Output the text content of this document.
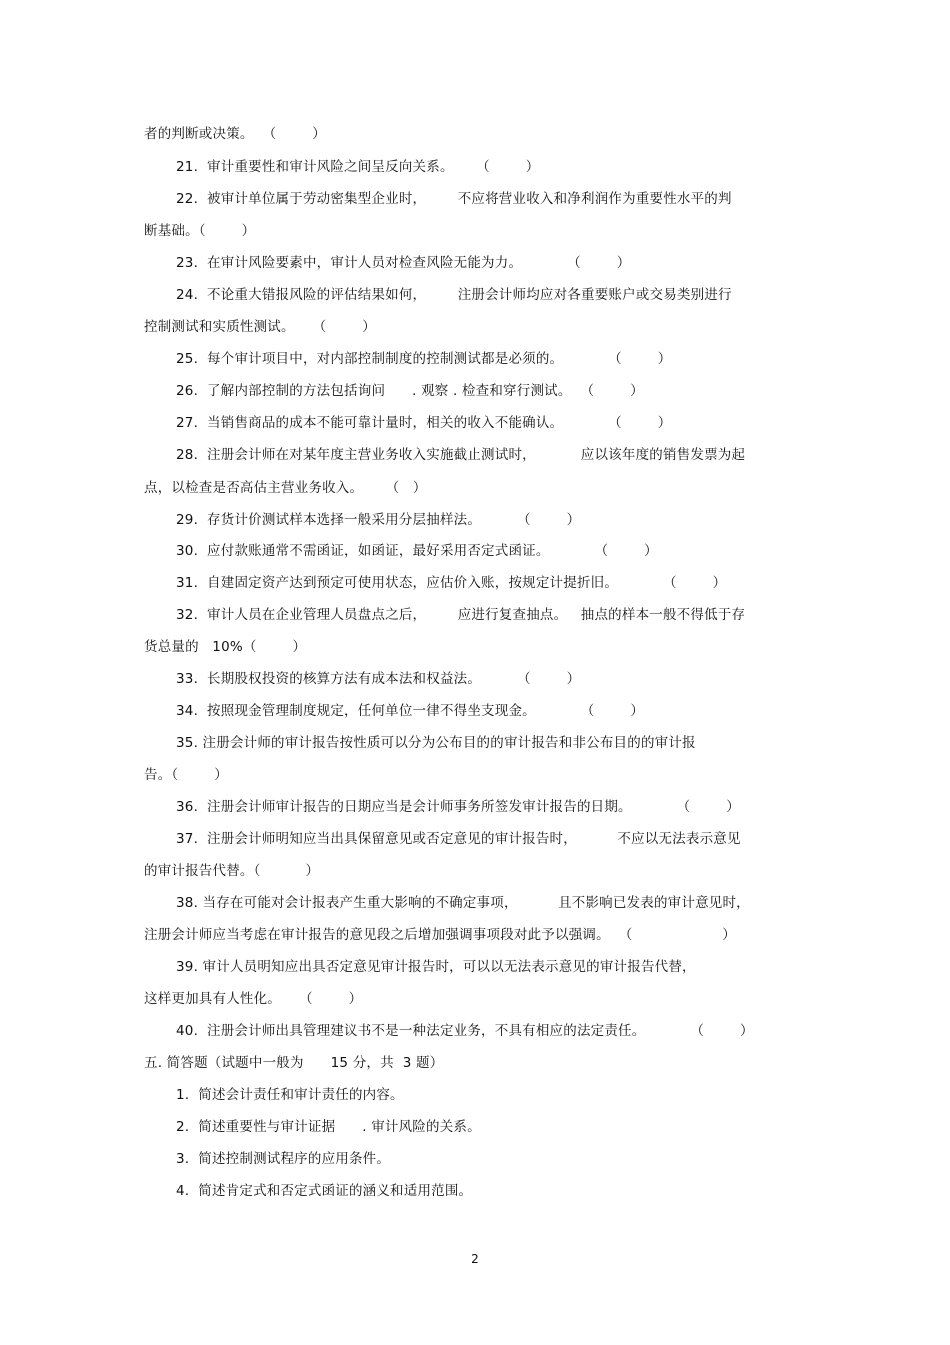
者的判断或决策。  （        ）
21.  审计重要性和审计风险之间呈反向关系。     （        ）
22.  被审计单位属于劳动密集型企业时，       不应将营业收入和净利润作为重要性水平的判
断基础。（        ）
23.  在审计风险要素中，审计人员对检查风险无能为力。          （        ）
24.  不论重大错报风险的评估结果如何，       注册会计师均应对各重要账户或交易类别进行
控制测试和实质性测试。    （        ）
25.  每个审计项目中，对内部控制制度的控制测试都是必须的。          （        ）
26.  了解内部控制的方法包括询问      . 观察 . 检查和穿行测试。  （        ）
27.  当销售商品的成本不能可靠计量时，相关的收入不能确认。          （        ）
28.  注册会计师在对某年度主营业务收入实施截止测试时，          应以该年度的销售发票为起
点，以检查是否高估主营业务收入。     （   ）
29.  存货计价测试样本选择一般采用分层抽样法。        （        ）
30.  应付款账通常不需函证，如函证，最好采用否定式函证。          （        ）
31.  自建固定资产达到预定可使用状态，应估价入账，按规定计提折旧。          （        ）
32.  审计人员在企业管理人员盘点之后，       应进行复查抽点。   抽点的样本一般不得低于存
货总量的   10%（        ）
33.  长期股权投资的核算方法有成本法和权益法。        （        ）
34.  按照现金管理制度规定，任何单位一律不得坐支现金。          （        ）
35. 注册会计师的审计报告按性质可以分为公布目的的审计报告和非公布目的的审计报
告。（        ）
36.  注册会计师审计报告的日期应当是会计师事务所签发审计报告的日期。          （        ）
37.  注册会计师明知应当出具保留意见或否定意见的审计报告时，         不应以无法表示意见
的审计报告代替。（          ）
38. 当存在可能对会计报表产生重大影响的不确定事项，         且不影响已发表的审计意见时，
注册会计师应当考虑在审计报告的意见段之后增加强调事项段对此予以强调。  （                    ）
39. 审计人员明知应出具否定意见审计报告时，可以以无法表示意见的审计报告代替，
这样更加具有人性化。    （        ）
40.  注册会计师出具管理建议书不是一种法定业务，不具有相应的法定责任。          （        ）
五. 简答题（试题中一般为      15 分，共  3 题）
1.  简述会计责任和审计责任的内容。
2.  简述重要性与审计证据      . 审计风险的关系。
3.  简述控制测试程序的应用条件。
4.  简述肯定式和否定式函证的涵义和适用范围。
2
